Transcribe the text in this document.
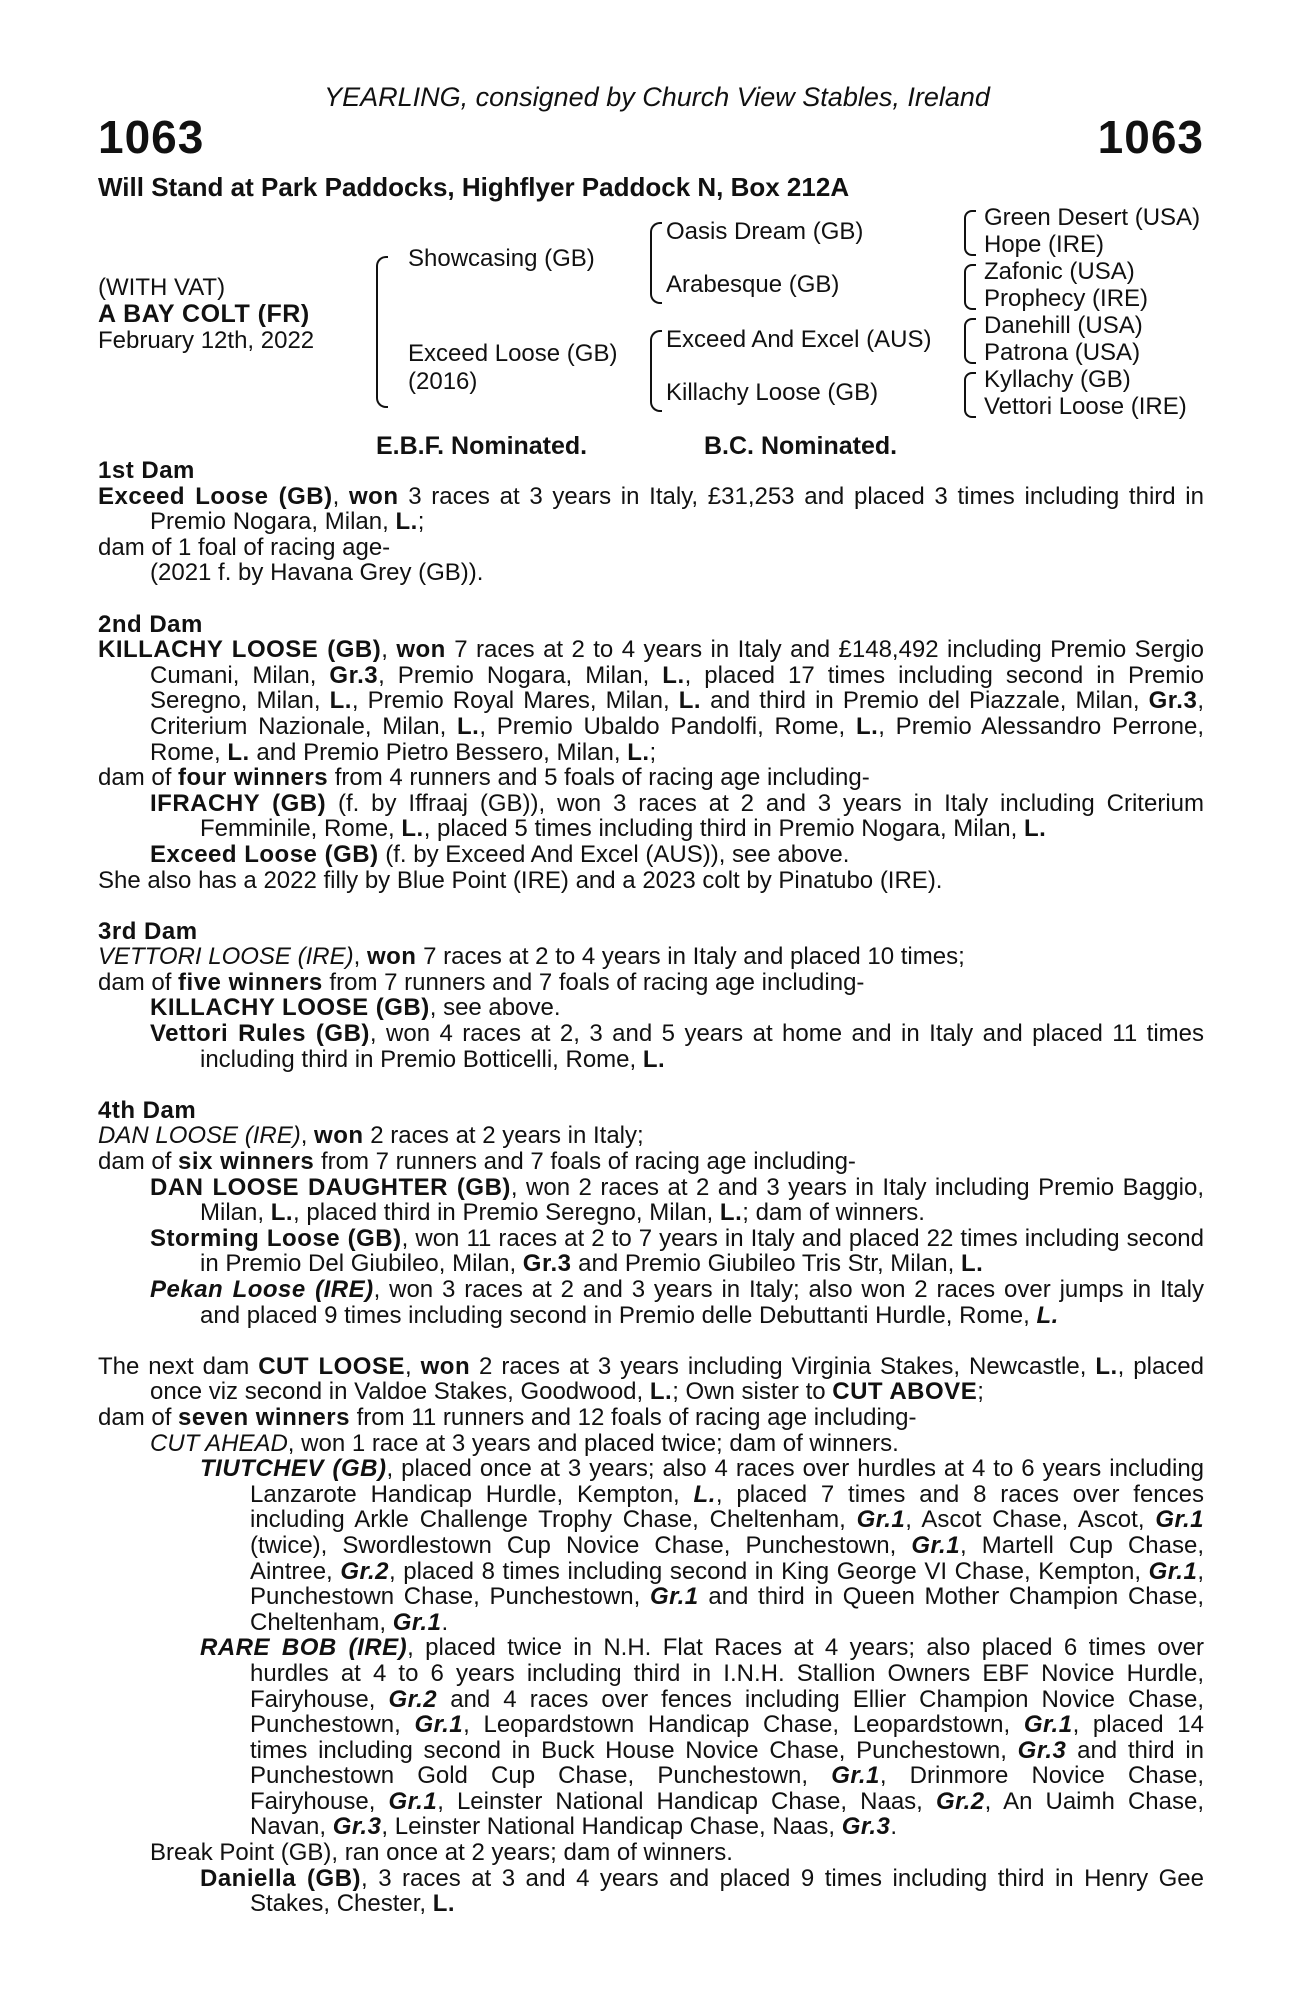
YEARLING, consigned by Church View Stables, Ireland
1063	1063
Will Stand at Park Paddocks, Highflyer Paddock N, Box 212A
(WITH VAT)
A BAY COLT (FR)
February 12th, 2022
Showcasing (GB)
Exceed Loose (GB)
(2016)
Oasis Dream (GB)
Arabesque (GB)
Exceed And Excel (AUS)
Killachy Loose (GB)
Green Desert (USA)
Hope (IRE)
Zafonic (USA)
Prophecy (IRE)
Danehill (USA)
Patrona (USA)
Kyllachy (GB)
Vettori Loose (IRE)
E.B.F. Nominated.	B.C. Nominated.

1st Dam

Exceed Loose (GB), won 3 races at 3 years in Italy, £31,253 and placed 3 times including third in Premio Nogara, Milan, L.;

dam of 1 foal of racing age-

(2021 f. by Havana Grey (GB)).

2nd Dam

KILLACHY LOOSE (GB), won 7 races at 2 to 4 years in Italy and £148,492 including Premio Sergio Cumani, Milan, Gr.3, Premio Nogara, Milan, L., placed 17 times including second in Premio Seregno, Milan, L., Premio Royal Mares, Milan, L. and third in Premio del Piazzale, Milan, Gr.3, Criterium Nazionale, Milan, L., Premio Ubaldo Pandolfi, Rome, L., Premio Alessandro Perrone, Rome, L. and Premio Pietro Bessero, Milan, L.;

dam of four winners from 4 runners and 5 foals of racing age including-

IFRACHY (GB) (f. by Iffraaj (GB)), won 3 races at 2 and 3 years in Italy including Criterium Femminile, Rome, L., placed 5 times including third in Premio Nogara, Milan, L.

Exceed Loose (GB) (f. by Exceed And Excel (AUS)), see above.

She also has a 2022 filly by Blue Point (IRE) and a 2023 colt by Pinatubo (IRE).

3rd Dam

VETTORI LOOSE (IRE), won 7 races at 2 to 4 years in Italy and placed 10 times;

dam of five winners from 7 runners and 7 foals of racing age including-

KILLACHY LOOSE (GB), see above.

Vettori Rules (GB), won 4 races at 2, 3 and 5 years at home and in Italy and placed 11 times including third in Premio Botticelli, Rome, L.

4th Dam

DAN LOOSE (IRE), won 2 races at 2 years in Italy;

dam of six winners from 7 runners and 7 foals of racing age including-

DAN LOOSE DAUGHTER (GB), won 2 races at 2 and 3 years in Italy including Premio Baggio, Milan, L., placed third in Premio Seregno, Milan, L.; dam of winners.

Storming Loose (GB), won 11 races at 2 to 7 years in Italy and placed 22 times including second in Premio Del Giubileo, Milan, Gr.3 and Premio Giubileo Tris Str, Milan, L.

Pekan Loose (IRE), won 3 races at 2 and 3 years in Italy; also won 2 races over jumps in Italy and placed 9 times including second in Premio delle Debuttanti Hurdle, Rome, L.

The next dam CUT LOOSE, won 2 races at 3 years including Virginia Stakes, Newcastle, L., placed once viz second in Valdoe Stakes, Goodwood, L.; Own sister to CUT ABOVE;

dam of seven winners from 11 runners and 12 foals of racing age including-

CUT AHEAD, won 1 race at 3 years and placed twice; dam of winners.

TIUTCHEV (GB), placed once at 3 years; also 4 races over hurdles at 4 to 6 years including Lanzarote Handicap Hurdle, Kempton, L., placed 7 times and 8 races over fences including Arkle Challenge Trophy Chase, Cheltenham, Gr.1, Ascot Chase, Ascot, Gr.1 (twice), Swordlestown Cup Novice Chase, Punchestown, Gr.1, Martell Cup Chase, Aintree, Gr.2, placed 8 times including second in King George VI Chase, Kempton, Gr.1, Punchestown Chase, Punchestown, Gr.1 and third in Queen Mother Champion Chase, Cheltenham, Gr.1.

RARE BOB (IRE), placed twice in N.H. Flat Races at 4 years; also placed 6 times over hurdles at 4 to 6 years including third in I.N.H. Stallion Owners EBF Novice Hurdle, Fairyhouse, Gr.2 and 4 races over fences including Ellier Champion Novice Chase, Punchestown, Gr.1, Leopardstown Handicap Chase, Leopardstown, Gr.1, placed 14 times including second in Buck House Novice Chase, Punchestown, Gr.3 and third in Punchestown Gold Cup Chase, Punchestown, Gr.1, Drinmore Novice Chase, Fairyhouse, Gr.1, Leinster National Handicap Chase, Naas, Gr.2, An Uaimh Chase, Navan, Gr.3, Leinster National Handicap Chase, Naas, Gr.3.

Break Point (GB), ran once at 2 years; dam of winners.

Daniella (GB), 3 races at 3 and 4 years and placed 9 times including third in Henry Gee Stakes, Chester, L.
